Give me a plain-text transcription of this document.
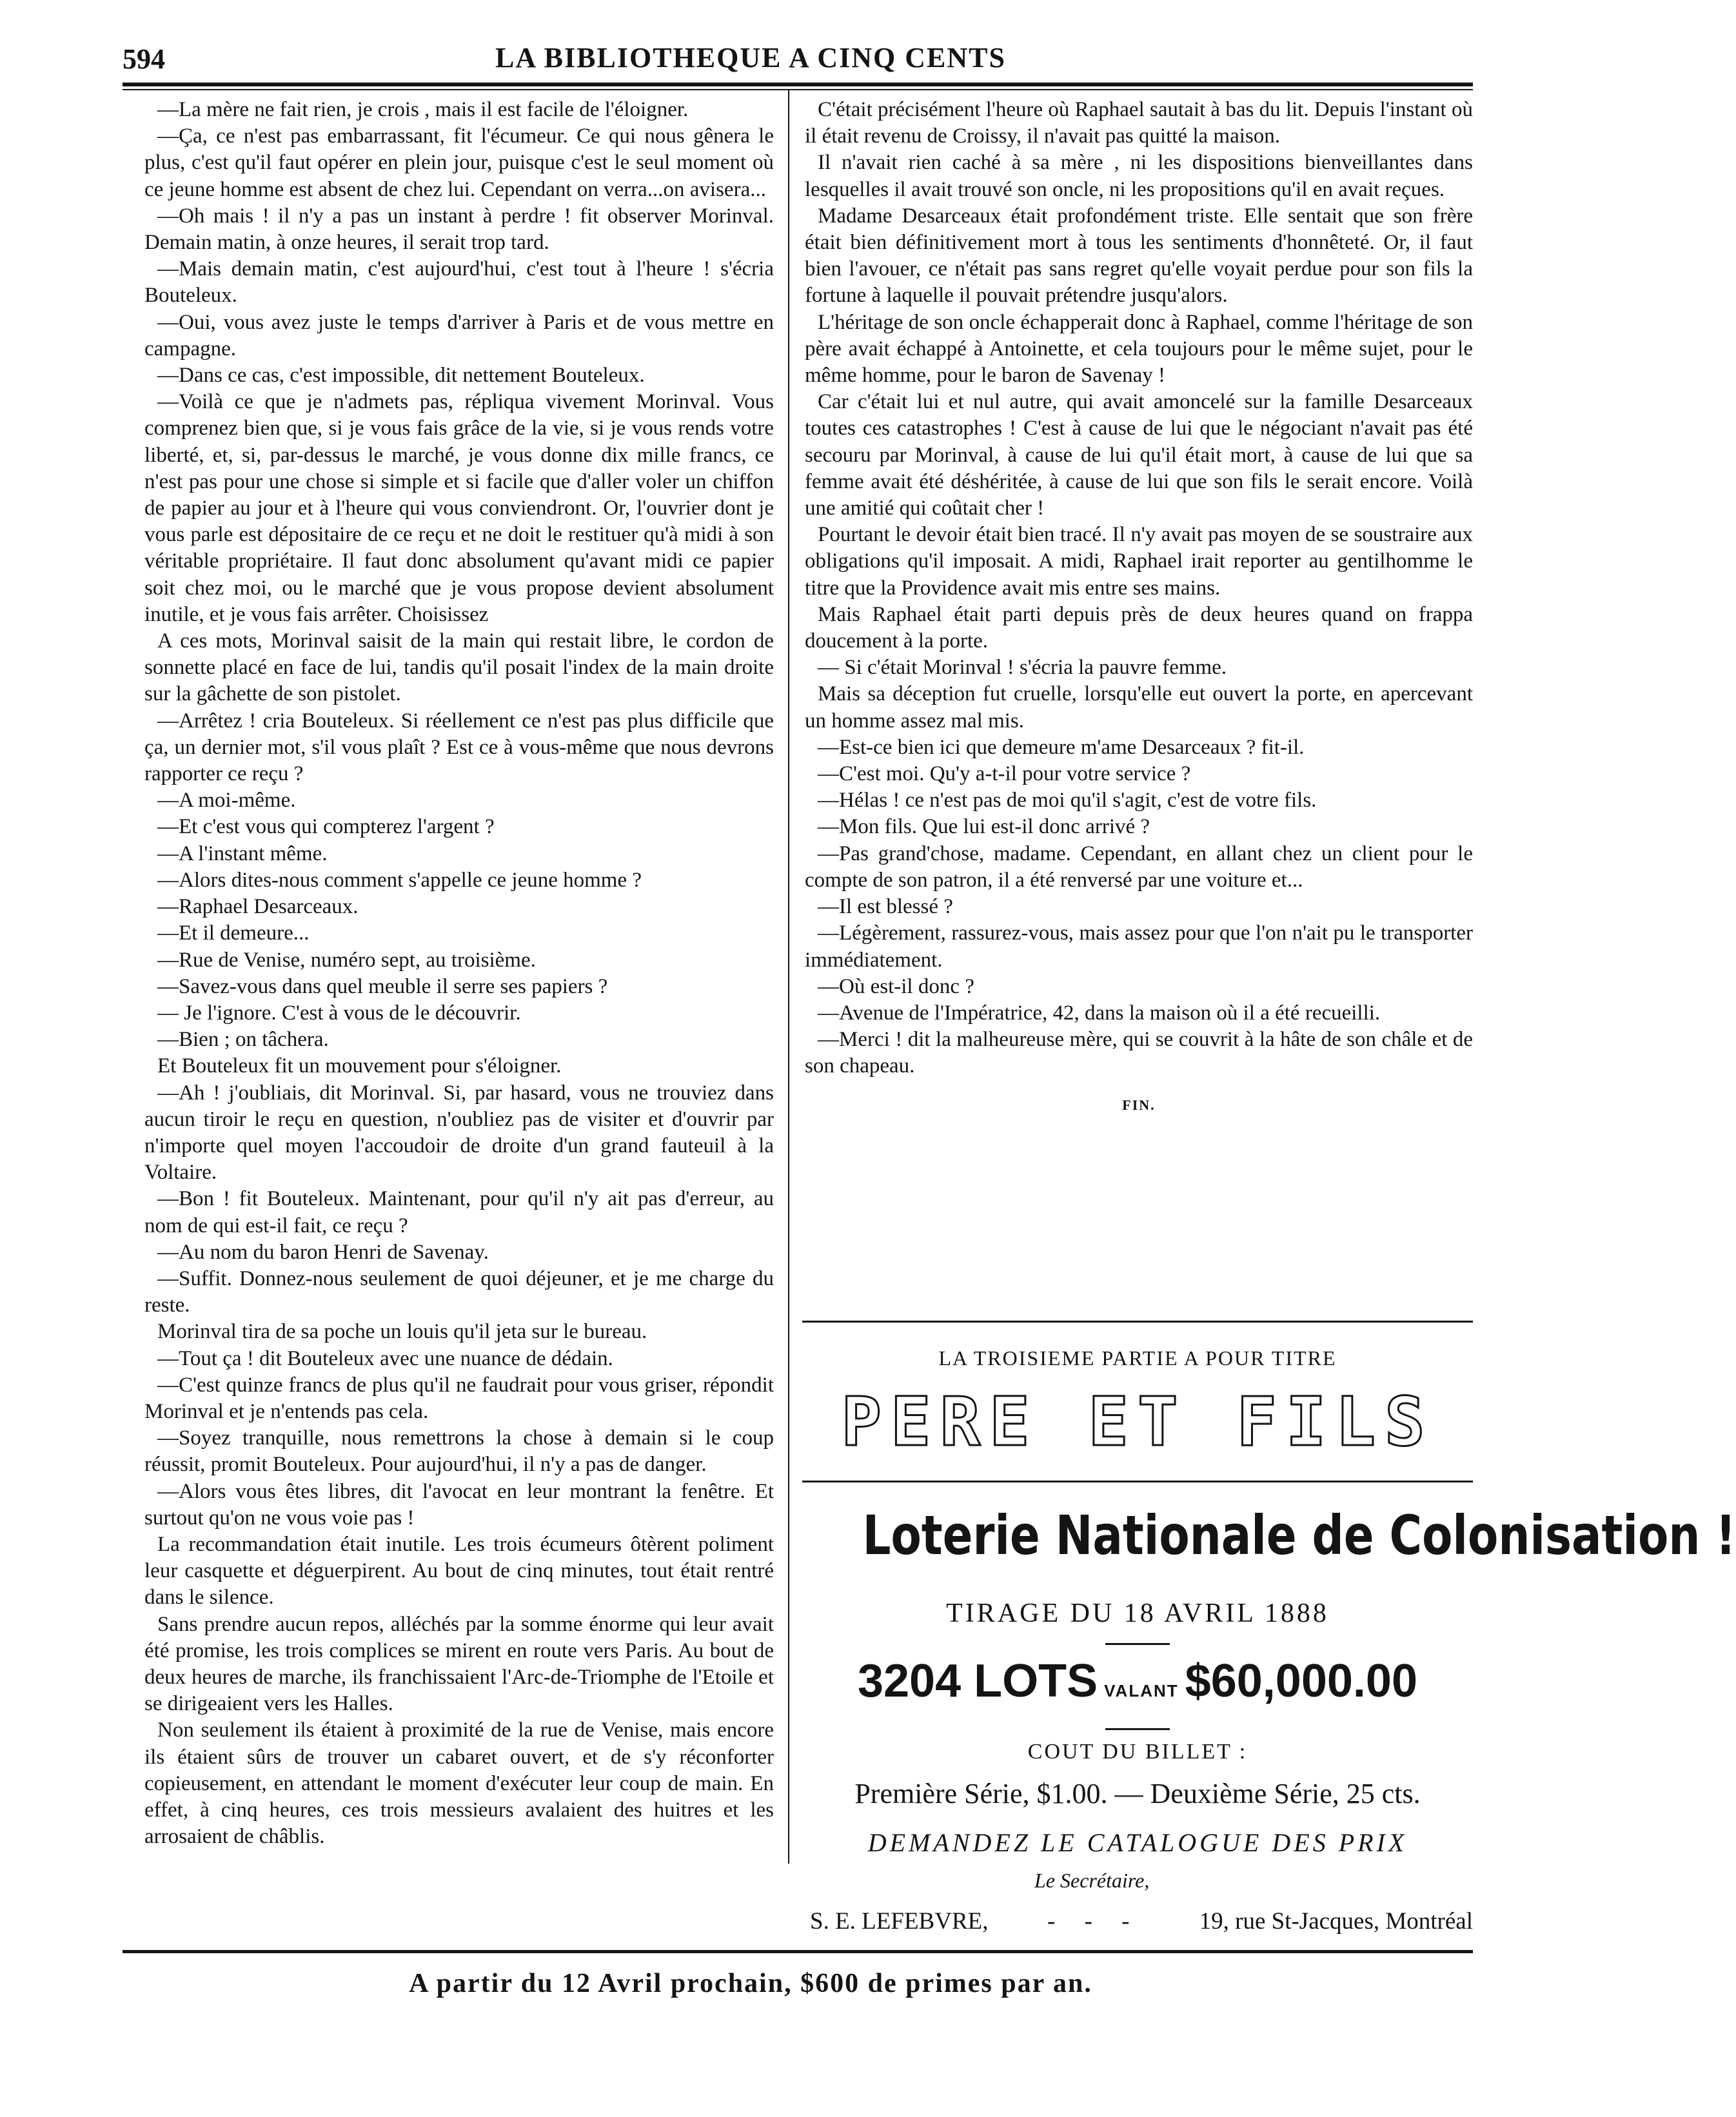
594	LA BIBLIOTHEQUE A CINQ CENTS

—La mère ne fait rien, je crois , mais il est facile de l'éloigner.

—Ça, ce n'est pas embarrassant, fit l'écumeur. Ce qui nous gênera le plus, c'est qu'il faut opérer en plein jour, puisque c'est le seul moment où ce jeune homme est absent de chez lui. Cependant on verra...on avisera...

—Oh mais ! il n'y a pas un instant à perdre ! fit observer Morinval. Demain matin, à onze heures, il serait trop tard.

—Mais demain matin, c'est aujourd'hui, c'est tout à l'heure ! s'écria Bouteleux.

—Oui, vous avez juste le temps d'arriver à Paris et de vous mettre en campagne.

—Dans ce cas, c'est impossible, dit nettement Bouteleux.

—Voilà ce que je n'admets pas, répliqua vivement Morinval. Vous comprenez bien que, si je vous fais grâce de la vie, si je vous rends votre liberté, et, si, par-dessus le marché, je vous donne dix mille francs, ce n'est pas pour une chose si simple et si facile que d'aller voler un chiffon de papier au jour et à l'heure qui vous conviendront. Or, l'ouvrier dont je vous parle est dépositaire de ce reçu et ne doit le restituer qu'à midi à son véritable propriétaire. Il faut donc absolument qu'avant midi ce papier soit chez moi, ou le marché que je vous propose devient absolument inutile, et je vous fais arrêter. Choisissez

A ces mots, Morinval saisit de la main qui restait libre, le cordon de sonnette placé en face de lui, tandis qu'il posait l'index de la main droite sur la gâchette de son pistolet.

—Arrêtez ! cria Bouteleux. Si réellement ce n'est pas plus difficile que ça, un dernier mot, s'il vous plaît ? Est ce à vous-même que nous devrons rapporter ce reçu ?

—A moi-même.

—Et c'est vous qui compterez l'argent ?

—A l'instant même.

—Alors dites-nous comment s'appelle ce jeune homme ?

—Raphael Desarceaux.

—Et il demeure...

—Rue de Venise, numéro sept, au troisième.

—Savez-vous dans quel meuble il serre ses papiers ?

— Je l'ignore. C'est à vous de le découvrir.

—Bien ; on tâchera.

Et Bouteleux fit un mouvement pour s'éloigner.

—Ah ! j'oubliais, dit Morinval. Si, par hasard, vous ne trouviez dans aucun tiroir le reçu en question, n'oubliez pas de visiter et d'ouvrir par n'importe quel moyen l'accoudoir de droite d'un grand fauteuil à la Voltaire.

—Bon ! fit Bouteleux. Maintenant, pour qu'il n'y ait pas d'erreur, au nom de qui est-il fait, ce reçu ?

—Au nom du baron Henri de Savenay.

—Suffit. Donnez-nous seulement de quoi déjeuner, et je me charge du reste.

Morinval tira de sa poche un louis qu'il jeta sur le bureau.

—Tout ça ! dit Bouteleux avec une nuance de dédain.

—C'est quinze francs de plus qu'il ne faudrait pour vous griser, répondit Morinval et je n'entends pas cela.

—Soyez tranquille, nous remettrons la chose à demain si le coup réussit, promit Bouteleux. Pour aujourd'hui, il n'y a pas de danger.

—Alors vous êtes libres, dit l'avocat en leur montrant la fenêtre. Et surtout qu'on ne vous voie pas !

La recommandation était inutile. Les trois écumeurs ôtèrent poliment leur casquette et déguerpirent. Au bout de cinq minutes, tout était rentré dans le silence.

Sans prendre aucun repos, alléchés par la somme énorme qui leur avait été promise, les trois complices se mirent en route vers Paris. Au bout de deux heures de marche, ils franchissaient l'Arc-de-Triomphe de l'Etoile et se dirigeaient vers les Halles.

Non seulement ils étaient à proximité de la rue de Venise, mais encore ils étaient sûrs de trouver un cabaret ouvert, et de s'y réconforter copieusement, en attendant le moment d'exécuter leur coup de main. En effet, à cinq heures, ces trois messieurs avalaient des huitres et les arrosaient de châblis.

C'était précisément l'heure où Raphael sautait à bas du lit. Depuis l'instant où il était revenu de Croissy, il n'avait pas quitté la maison.

Il n'avait rien caché à sa mère , ni les dispositions bienveillantes dans lesquelles il avait trouvé son oncle, ni les propositions qu'il en avait reçues.

Madame Desarceaux était profondément triste. Elle sentait que son frère était bien définitivement mort à tous les sentiments d'honnêteté. Or, il faut bien l'avouer, ce n'était pas sans regret qu'elle voyait perdue pour son fils la fortune à laquelle il pouvait prétendre jusqu'alors.

L'héritage de son oncle échapperait donc à Raphael, comme l'héritage de son père avait échappé à Antoinette, et cela toujours pour le même sujet, pour le même homme, pour le baron de Savenay !

Car c'était lui et nul autre, qui avait amoncelé sur la famille Desarceaux toutes ces catastrophes ! C'est à cause de lui que le négociant n'avait pas été secouru par Morinval, à cause de lui qu'il était mort, à cause de lui que sa femme avait été déshéritée, à cause de lui que son fils le serait encore. Voilà une amitié qui coûtait cher !

Pourtant le devoir était bien tracé. Il n'y avait pas moyen de se soustraire aux obligations qu'il imposait. A midi, Raphael irait reporter au gentilhomme le titre que la Providence avait mis entre ses mains.

Mais Raphael était parti depuis près de deux heures quand on frappa doucement à la porte.

— Si c'était Morinval ! s'écria la pauvre femme.

Mais sa déception fut cruelle, lorsqu'elle eut ouvert la porte, en apercevant un homme assez mal mis.

—Est-ce bien ici que demeure m'ame Desarceaux ? fit-il.

—C'est moi. Qu'y a-t-il pour votre service ?

—Hélas ! ce n'est pas de moi qu'il s'agit, c'est de votre fils.

—Mon fils. Que lui est-il donc arrivé ?

—Pas grand'chose, madame. Cependant, en allant chez un client pour le compte de son patron, il a été renversé par une voiture et...

—Il est blessé ?

—Légèrement, rassurez-vous, mais assez pour que l'on n'ait pu le transporter immédiatement.

—Où est-il donc ?

—Avenue de l'Impératrice, 42, dans la maison où il a été recueilli.

—Merci ! dit la malheureuse mère, qui se couvrit à la hâte de son châle et de son chapeau.

FIN.
LA TROISIEME PARTIE A POUR TITRE
PERE ET FILS
Loterie Nationale de Colonisation !
TIRAGE DU 18 AVRIL 1888
3204 LOTS VALANT $60,000.00
COUT DU BILLET :
Première Série, $1.00. — Deuxième Série, 25 cts.
DEMANDEZ LE CATALOGUE DES PRIX
Le Secrétaire,
S. E. LEFEBVRE, - - - 19, rue St-Jacques, Montréal
A partir du 12 Avril prochain, $600 de primes par an.
